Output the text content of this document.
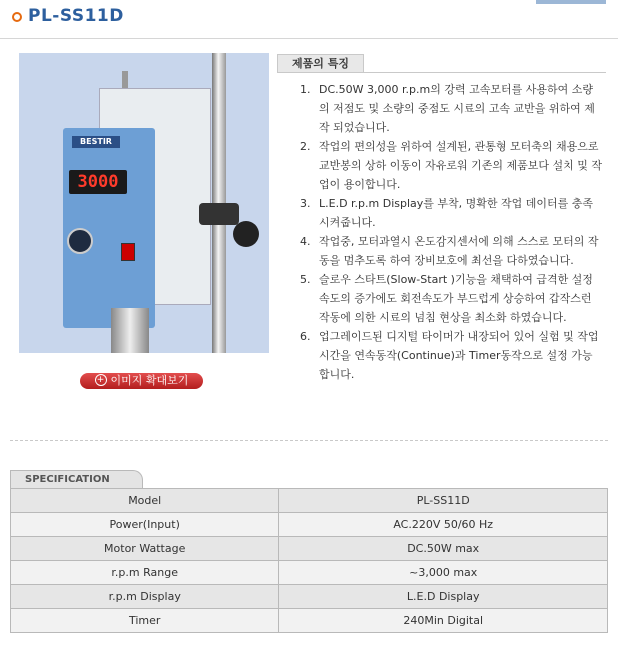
PL-SS11D
BESTIR
3000
+ 이미지 확대보기
제품의 특징
1. DC.50W 3,000 r.p.m의 강력 고속모터를 사용하여 소량의 저점도 및 소량의 중점도 시료의 고속 교반을 위하여 제작 되었습니다.
2. 작업의 편의성을 위하여 설계된, 관통형 모터축의 채용으로 교반봉의 상하 이동이 자유로워 기존의 제품보다 설치 및 작업이 용이합니다.
3. L.E.D r.p.m Display를 부착, 명확한 작업 데이터를 충족 시켜줍니다.
4. 작업중, 모터과열시 온도감지센서에 의해 스스로 모터의 작동을 멈추도록 하여 장비보호에 최선을 다하였습니다.
5. 슬로우 스타트(Slow-Start )기능을 채택하여 급격한 설정속도의 증가에도 회전속도가 부드럽게 상승하여 갑작스런 작동에 의한 시료의 넘침 현상을 최소화 하였습니다.
6. 업그레이드된 디지털 타이머가 내장되어 있어 실험 및 작업시간을 연속동작(Continue)과 Timer동작으로 설정 가능합니다.
SPECIFICATION
Model	PL-SS11D
Power(Input)	AC.220V 50/60 Hz
Motor Wattage	DC.50W max
r.p.m Range	~3,000 max
r.p.m Display	L.E.D Display
Timer	240Min Digital
